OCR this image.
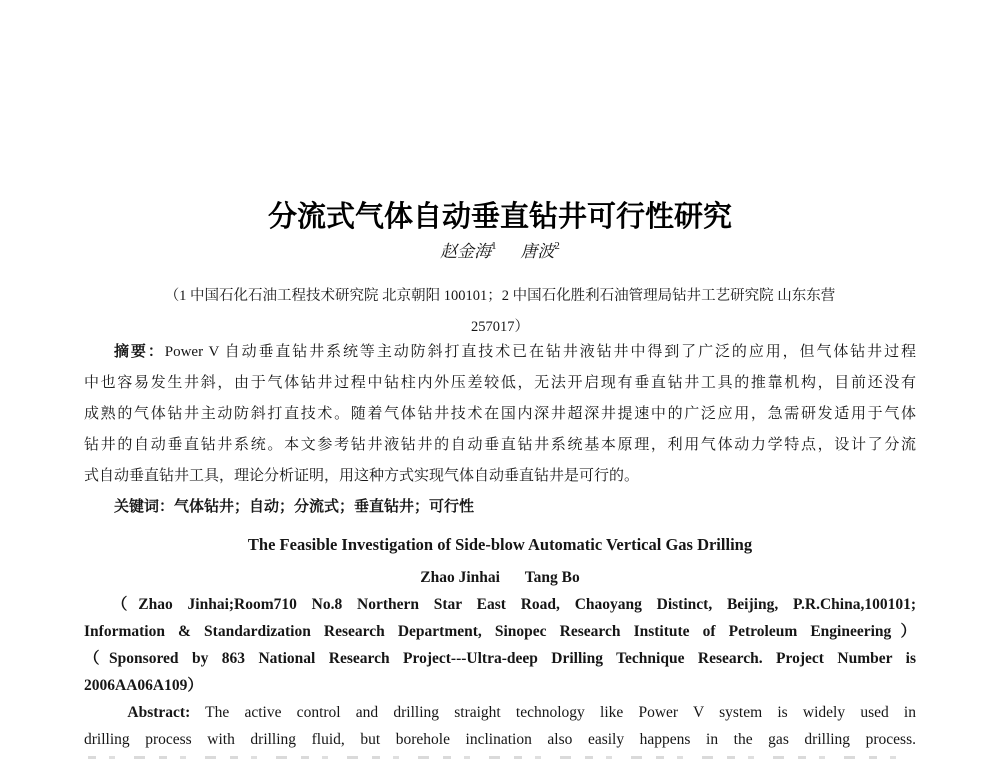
分流式气体自动垂直钻井可行性研究
赵金海$^1$ 唐波$^2$
（1 中国石化石油工程技术研究院 北京朝阳 100101；2 中国石化胜利石油管理局钻井工艺研究院 山东东营
257017）
摘要：Power V 自动垂直钻井系统等主动防斜打直技术已在钻井液钻井中得到了广泛的应用，但气体钻井过程
中也容易发生井斜，由于气体钻井过程中钻柱内外压差较低，无法开启现有垂直钻井工具的推靠机构，目前还没有
成熟的气体钻井主动防斜打直技术。随着气体钻井技术在国内深井超深井提速中的广泛应用，急需研发适用于气体
钻井的自动垂直钻井系统。本文参考钻井液钻井的自动垂直钻井系统基本原理，利用气体动力学特点，设计了分流
式自动垂直钻井工具，理论分析证明，用这种方式实现气体自动垂直钻井是可行的。
关键词：气体钻井；自动；分流式；垂直钻井；可行性
The Feasible Investigation of Side-blow Automatic Vertical Gas Drilling
Zhao Jinhai Tang Bo
（Zhao Jinhai;Room710 No.8 Northern Star East Road, Chaoyang Distinct, Beijing, P.R.China,100101;
Information & Standardization Research Department, Sinopec Research Institute of Petroleum Engineering）
（Sponsored by 863 National Research Project---Ultra-deep Drilling Technique Research. Project Number is
2006AA06A109）
Abstract: The active control and drilling straight technology like Power V system is widely used in
drilling process with drilling fluid, but borehole inclination also easily happens in the gas drilling process.
